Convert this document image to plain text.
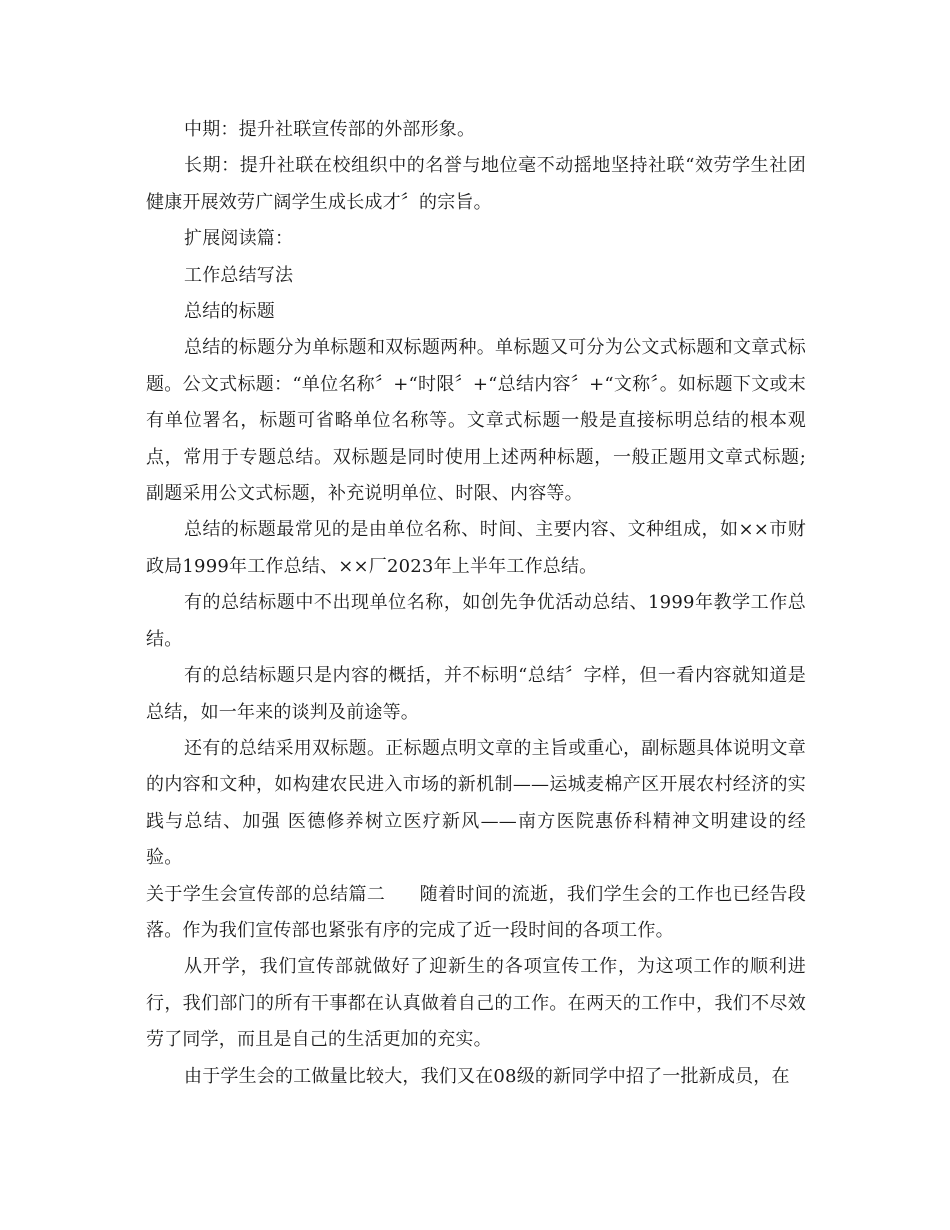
中期：提升社联宣传部的外部形象。

长期：提升社联在校组织中的名誉与地位毫不动摇地坚持社联“效劳学生社团健康开展效劳广阔学生成长成才〞的宗旨。

扩展阅读篇：

工作总结写法

总结的标题

总结的标题分为单标题和双标题两种。单标题又可分为公文式标题和文章式标题。公文式标题：“单位名称〞+“时限〞+“总结内容〞+“文称〞。如标题下文或末有单位署名，标题可省略单位名称等。文章式标题一般是直接标明总结的根本观点，常用于专题总结。双标题是同时使用上述两种标题，一般正题用文章式标题;副题采用公文式标题，补充说明单位、时限、内容等。

总结的标题最常见的是由单位名称、时间、主要内容、文种组成，如××市财政局1999年工作总结、××厂2023年上半年工作总结。

有的总结标题中不出现单位名称，如创先争优活动总结、1999年教学工作总结。

有的总结标题只是内容的概括，并不标明“总结〞字样，但一看内容就知道是总结，如一年来的谈判及前途等。

还有的总结采用双标题。正标题点明文章的主旨或重心，副标题具体说明文章的内容和文种，如构建农民进入市场的新机制——运城麦棉产区开展农村经济的实践与总结、加强 医德修养树立医疗新风——南方医院惠侨科精神文明建设的经验。

关于学生会宣传部的总结篇二 随着时间的流逝，我们学生会的工作也已经告段落。作为我们宣传部也紧张有序的完成了近一段时间的各项工作。

从开学，我们宣传部就做好了迎新生的各项宣传工作，为这项工作的顺利进行，我们部门的所有干事都在认真做着自己的工作。在两天的工作中，我们不尽效劳了同学，而且是自己的生活更加的充实。

由于学生会的工做量比较大，我们又在08级的新同学中招了一批新成员，在
